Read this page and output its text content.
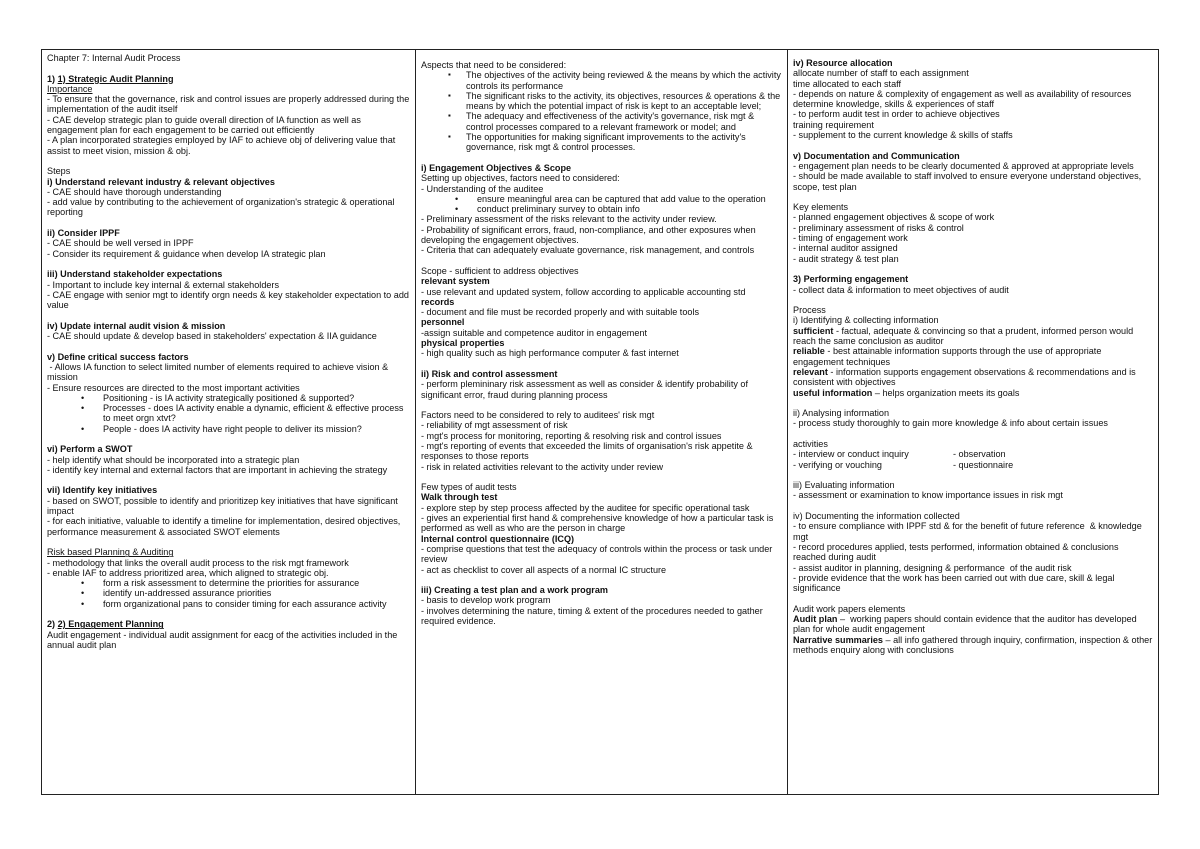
Chapter 7: Internal Audit Process
1) 1) Strategic Audit Planning
Importance
- To ensure that the governance, risk and control issues are properly addressed during the implementation of the audit itself
- CAE develop strategic plan to guide overall direction of IA function as well as engagement plan for each engagement to be carried out efficiently
- A plan incorporated strategies employed by IAF to achieve obj of delivering value that assist to meet vision, mission & obj.
Steps
i) Understand relevant industry & relevant objectives
- CAE should have thorough understanding
- add value by contributing to the achievement of organization's strategic & operational reporting
ii) Consider IPPF
- CAE should be well versed in IPPF
- Consider its requirement & guidance when develop IA strategic plan
iii) Understand stakeholder expectations
- Important to include key internal & external stakeholders
- CAE engage with senior mgt to identify orgn needs & key stakeholder expectation to add value
iv) Update internal audit vision & mission
- CAE should update & develop based in stakeholders' expectation & IIA guidance
v) Define critical success factors
- Allows IA function to select limited number of elements required to achieve vision & mission
- Ensure resources are directed to the most important activities
• Positioning - is IA activity strategically positioned & supported?
• Processes - does IA activity enable a dynamic, efficient & effective process to meet orgn xtvt?
• People - does IA activity have right people to deliver its mission?
vi) Perform a SWOT
- help identify what should be incorporated into a strategic plan
- identify key internal and external factors that are important in achieving the strategy
vii) Identify key initiatives
- based on SWOT, possible to identify and prioritizep key initiatives that have significant impact
- for each initiative, valuable to identify a timeline for implementation, desired objectives, performance measurement & associated SWOT elements
Risk based Planning & Auditing
- methodology that links the overall audit process to the risk mgt framework
- enable IAF to address prioritized area, which aligned to strategic obj.
• form a risk assessment to determine the priorities for assurance
• identify un-addressed assurance priorities
• form organizational pans to consider timing for each assurance activity
2) 2) Engagement Planning
Audit engagement - individual audit assignment for eacg of the activities included in the annual audit plan
Aspects that need to be considered:
▪ The objectives of the activity being reviewed & the means by which the activity controls its performance
▪ The significant risks to the activity, its objectives, resources & operations & the means by which the potential impact of risk is kept to an acceptable level;
▪ The adequacy and effectiveness of the activity's governance, risk mgt & control processes compared to a relevant framework or model; and
▪ The opportunities for making significant improvements to the activity's governance, risk mgt & control processes.
i) Engagement Objectives & Scope
Setting up objectives, factors need to considered:
- Understanding of the auditee
• ensure meaningful area can be captured that add value to the operation
• conduct preliminary survey to obtain info
- Preliminary assessment of the risks relevant to the activity under review.
- Probability of significant errors, fraud, non-compliance, and other exposures when developing the engagement objectives.
- Criteria that can adequately evaluate governance, risk management, and controls
Scope - sufficient to address objectives
relevant system
- use relevant and updated system, follow according to applicable accounting std
records
- document and file must be recorded properly and with suitable tools
personnel
-assign suitable and competence auditor in engagement
physical properties
- high quality such as high performance computer & fast internet
ii) Risk and control assessment
- perform plemininary risk assessment as well as consider & identify probability of significant error, fraud during planning process
Factors need to be considered to rely to auditees' risk mgt
- reliability of mgt assessment of risk
- mgt's process for monitoring, reporting & resolving risk and control issues
- mgt's reporting of events that exceeded the limits of organisation's risk appetite & responses to those reports
- risk in related activities relevant to the activity under review
Few types of audit tests
Walk through test
- explore step by step process affected by the auditee for specific operational task
- gives an experiential first hand & comprehensive knowledge of how a particular task is performed as well as who are the person in charge
Internal control questionnaire (ICQ)
- comprise questions that test the adequacy of controls within the process or task under review
- act as checklist to cover all aspects of a normal IC structure
iii) Creating a test plan and a work program
- basis to develop work program
- involves determining the nature, timing & extent of the procedures needed to gather required evidence.
iv) Resource allocation
allocate number of staff to each assignment
time allocated to each staff
- depends on nature & complexity of engagement as well as availability of resources
determine knowledge, skills & experiences of staff
- to perform audit test in order to achieve objectives
training requirement
- supplement to the current knowledge & skills of staffs
v) Documentation and Communication
- engagement plan needs to be clearly documented & approved at appropriate levels
- should be made available to staff involved to ensure everyone understand objectives, scope, test plan
Key elements
- planned engagement objectives & scope of work
- preliminary assessment of risks & control
- timing of engagement work
- internal auditor assigned
- audit strategy & test plan
3) Performing engagement
- collect data & information to meet objectives of audit
Process
i) Identifying & collecting information
sufficient - factual, adequate & convincing so that a prudent, informed person would reach the same conclusion as auditor
reliable - best attainable information supports through the use of appropriate engagement techniques
relevant - information supports engagement observations & recommendations and is consistent with objectives
useful information – helps organization meets its goals
ii) Analysing information
- process study thoroughly to gain more knowledge & info about certain issues
activities
- interview or conduct inquiry	- observation
- verifying or vouching	- questionnaire
iii) Evaluating information
- assessment or examination to know importance issues in risk mgt
iv) Documenting the information collected
- to ensure compliance with IPPF std & for the benefit of future reference  & knowledge mgt
- record procedures applied, tests performed, information obtained & conclusions reached during audit
- assist auditor in planning, designing & performance  of the audit risk
- provide evidence that the work has been carried out with due care, skill & legal significance
Audit work papers elements
Audit plan –  working papers should contain evidence that the auditor has developed plan for whole audit engagement
Narrative summaries – all info gathered through inquiry, confirmation, inspection & other methods enquiry along with conclusions
